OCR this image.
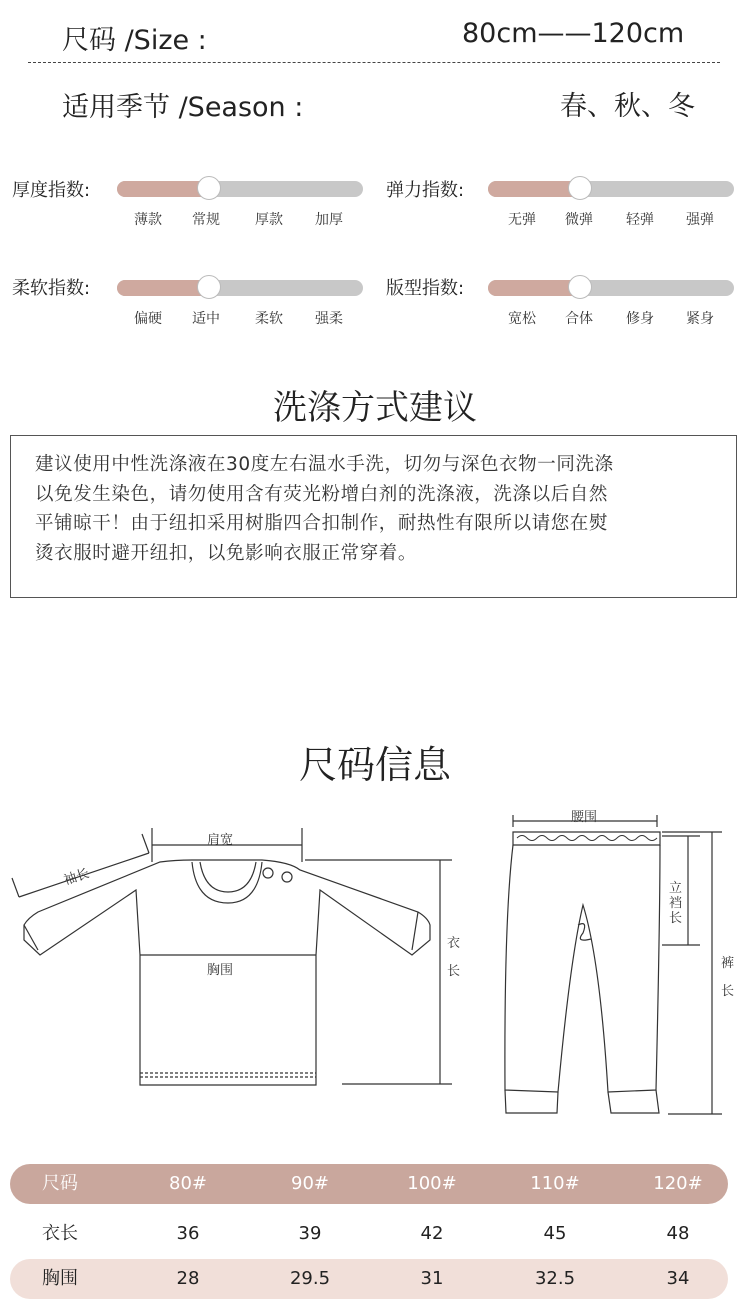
尺码 /Size :	80cm——120cm
适用季节 /Season :	春、秋、冬
厚度指数:
薄款 常规	厚款 加厚
弹力指数:
无弹 微弹 轻弹 强弹
柔软指数:
偏硬 适中	柔软 强柔
版型指数:
宽松 合体 修身 紧身
洗涤方式建议
建议使用中性洗涤液在30度左右温水手洗，切勿与深色衣物一同洗涤
以免发生染色，请勿使用含有荧光粉增白剂的洗涤液，洗涤以后自然
平铺晾干！由于纽扣采用树脂四合扣制作，耐热性有限所以请您在熨
烫衣服时避开纽扣，以免影响衣服正常穿着。
尺码信息
肩宽
袖长
胸围
衣
长
腰围
立
裆
长
裤
长
尺码	80#	90#	100#	110#	120#
衣长	36	39	42	45	48
胸围	28	29.5	31	32.5	34
